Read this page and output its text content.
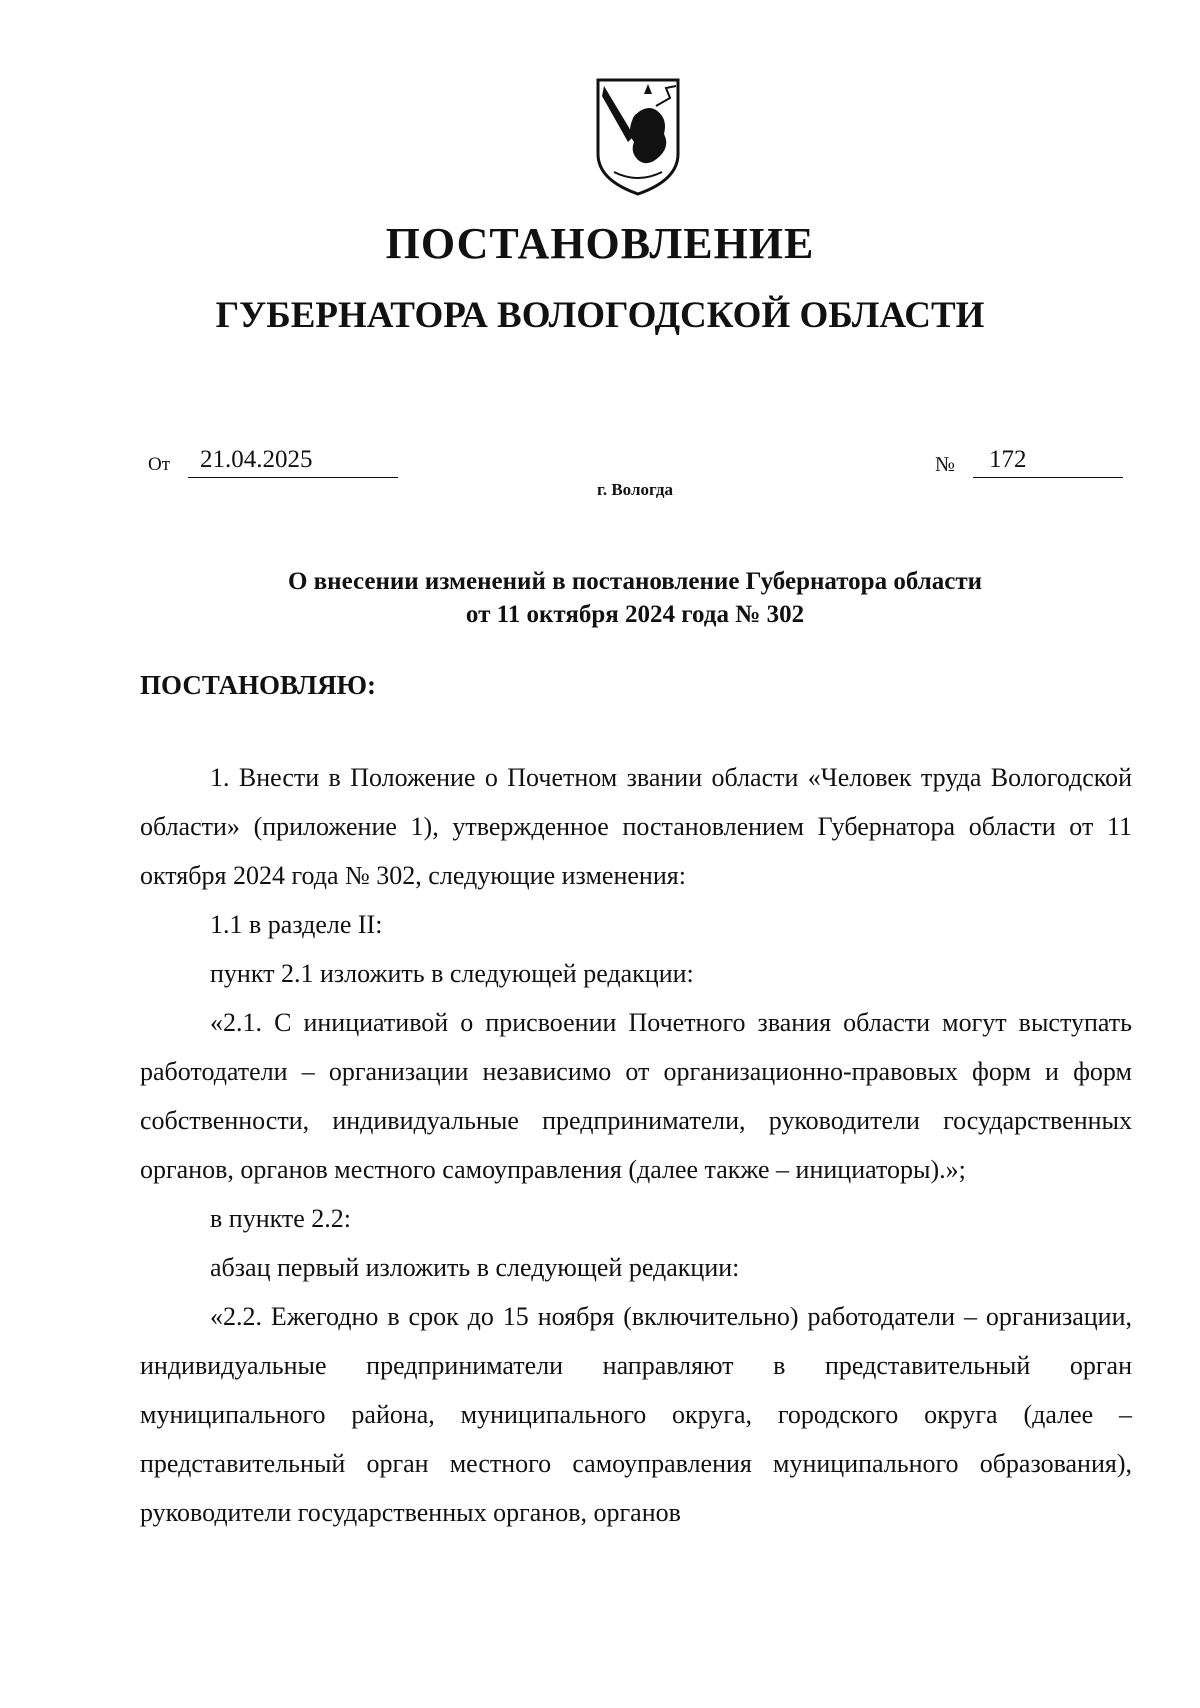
ПОСТАНОВЛЕНИЕ
ГУБЕРНАТОРА ВОЛОГОДСКОЙ ОБЛАСТИ
От	21.04.2025	№	172
г. Вологда
О внесении изменений в постановление Губернатора области
от 11 октября 2024 года № 302

ПОСТАНОВЛЯЮ:

1. Внести в Положение о Почетном звании области «Человек труда Вологодской области» (приложение 1), утвержденное постановлением Губернатора области от 11 октября 2024 года № 302, следующие изменения:

1.1 в разделе II:

пункт 2.1 изложить в следующей редакции:

«2.1. С инициативой о присвоении Почетного звания области могут выступать работодатели – организации независимо от организационно-правовых форм и форм собственности, индивидуальные предприниматели, руководители государственных органов, органов местного самоуправления (далее также – инициаторы).»;

в пункте 2.2:

абзац первый изложить в следующей редакции:

«2.2. Ежегодно в срок до 15 ноября (включительно) работодатели – организации, индивидуальные предприниматели направляют в представительный орган муниципального района, муниципального округа, городского округа (далее – представительный орган местного самоуправления муниципального образования), руководители государственных органов, органов
